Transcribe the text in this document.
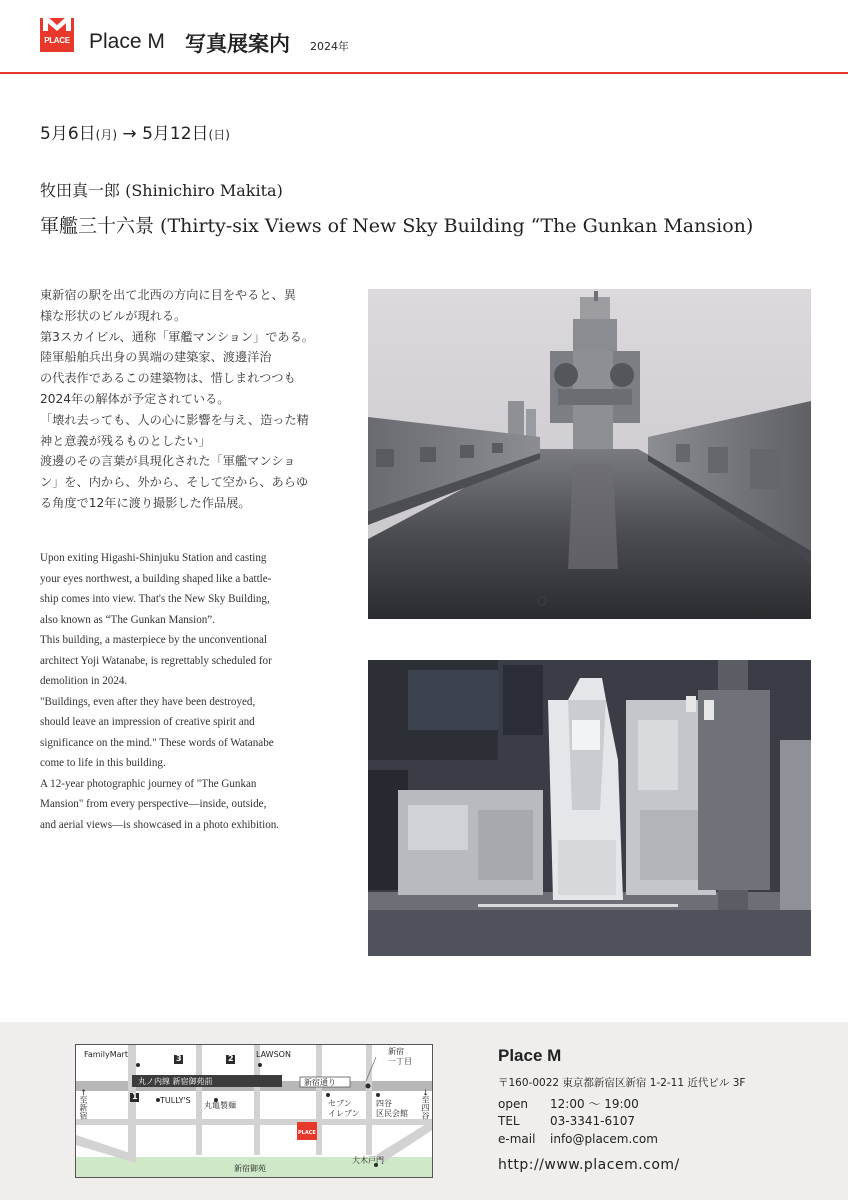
PLACE Place M 写真展案内 2024年
5月6日(月) → 5月12日(日)
牧田真一郎 (Shinichiro Makita)
軍艦三十六景 (Thirty-six Views of New Sky Building “The Gunkan Mansion)

東新宿の駅を出て北西の方向に目をやると、異

様な形状のビルが現れる。

第3スカイビル、通称「軍艦マンション」である。

陸軍船舶兵出身の異端の建築家、渡邊洋治

の代表作であるこの建築物は、惜しまれつつも

2024年の解体が予定されている。

「壊れ去っても、人の心に影響を与え、造った精

神と意義が残るものとしたい」

渡邊のその言葉が具現化された「軍艦マンショ

ン」を、内から、外から、そして空から、あらゆ

る角度で12年に渡り撮影した作品展。

Upon exiting Higashi-Shinjuku Station and casting

your eyes northwest, a building shaped like a battle-

ship comes into view. That's the New Sky Building,

also known as “The Gunkan Mansion”.

This building, a masterpiece by the unconventional

architect Yoji Watanabe, is regrettably scheduled for

demolition in 2024.

"Buildings, even after they have been destroyed,

should leave an impression of creative spirit and

significance on the mind." These words of Watanabe

come to life in this building.

A 12-year photographic journey of "The Gunkan

Mansion" from every perspective—inside, outside,

and aerial views—is showcased in a photo exhibition.

FamilyMart	LAWSON
3	2
1
丸ノ内線 新宿御苑前	新宿通り
新宿
一丁目
TULLY'S
丸亀製麺	セブン
イレブン
四谷
区民会館
←至新宿	→至四谷
新宿御苑
大木戸門
PLACE
Place M
〒160-0022 東京都新宿区新宿 1-2-11 近代ビル 3F
open 12:00 〜 19:00
TEL	03-3341-6107
e-mail info@placem.com
http://www.placem.com/
